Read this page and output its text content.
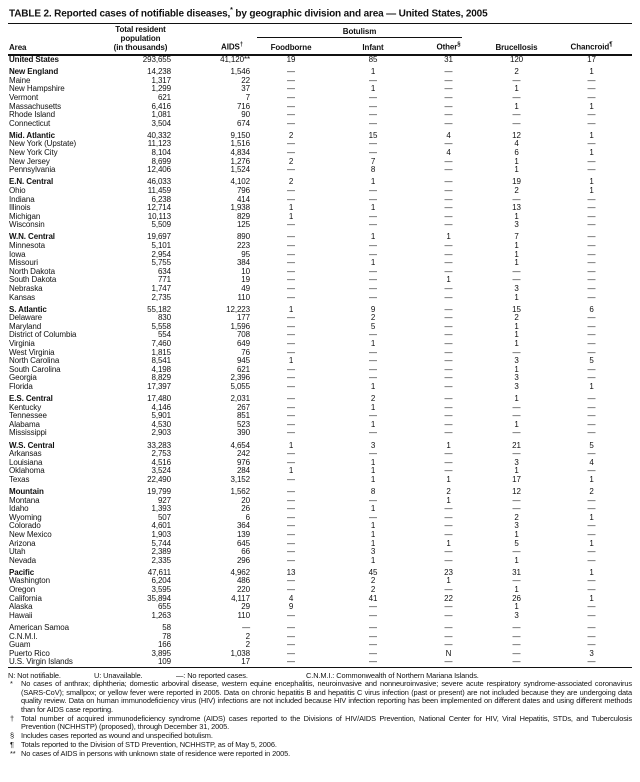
TABLE 2. Reported cases of notifiable diseases,* by geographic division and area — United States, 2005
Area	Total resident
population
(in thousands)	AIDS†	Botulism			Brucellosis	Chancroid¶
			Foodborne	Infant	Other§
United States	293,655	41,120**	19	85	31	120	17
New England	14,238	1,546	—	1	—	2	1
Maine	1,317	22	—	—	—	—	—
New Hampshire	1,299	37	—	1	—	1	—
Vermont	621	7	—	—	—	—	—
Massachusetts	6,416	716	—	—	—	1	1
Rhode Island	1,081	90	—	—	—	—	—
Connecticut	3,504	674	—	—	—	—	—
Mid. Atlantic	40,332	9,150	2	15	4	12	1
New York (Upstate)	11,123	1,516	—	—	—	4	—
New York City	8,104	4,834	—	—	4	6	1
New Jersey	8,699	1,276	2	7	—	1	—
Pennsylvania	12,406	1,524	—	8	—	1	—
E.N. Central	46,033	4,102	2	1	—	19	1
Ohio	11,459	796	—	—	—	2	1
Indiana	6,238	414	—	—	—	—	—
Illinois	12,714	1,938	1	1	—	13	—
Michigan	10,113	829	1	—	—	1	—
Wisconsin	5,509	125	—	—	—	3	—
W.N. Central	19,697	890	—	1	1	7	—
Minnesota	5,101	223	—	—	—	1	—
Iowa	2,954	95	—	—	—	1	—
Missouri	5,755	384	—	1	—	1	—
North Dakota	634	10	—	—	—	—	—
South Dakota	771	19	—	—	1	—	—
Nebraska	1,747	49	—	—	—	3	—
Kansas	2,735	110	—	—	—	1	—
S. Atlantic	55,182	12,223	1	9	—	15	6
Delaware	830	177	—	2	—	2	—
Maryland	5,558	1,596	—	5	—	1	—
District of Columbia	554	708	—	—	—	1	—
Virginia	7,460	649	—	1	—	1	—
West Virginia	1,815	76	—	—	—	—	—
North Carolina	8,541	945	1	—	—	3	5
South Carolina	4,198	621	—	—	—	1	—
Georgia	8,829	2,396	—	—	—	3	—
Florida	17,397	5,055	—	1	—	3	1
E.S. Central	17,480	2,031	—	2	—	1	—
Kentucky	4,146	267	—	1	—	—	—
Tennessee	5,901	851	—	—	—	—	—
Alabama	4,530	523	—	1	—	1	—
Mississippi	2,903	390	—	—	—	—	—
W.S. Central	33,283	4,654	1	3	1	21	5
Arkansas	2,753	242	—	—	—	—	—
Louisiana	4,516	976	—	1	—	3	4
Oklahoma	3,524	284	1	1	—	1	—
Texas	22,490	3,152	—	1	1	17	1
Mountain	19,799	1,562	—	8	2	12	2
Montana	927	20	—	—	1	—	—
Idaho	1,393	26	—	1	—	—	—
Wyoming	507	6	—	—	—	2	1
Colorado	4,601	364	—	1	—	3	—
New Mexico	1,903	139	—	1	—	1	—
Arizona	5,744	645	—	1	1	5	1
Utah	2,389	66	—	3	—	—	—
Nevada	2,335	296	—	1	—	1	—
Pacific	47,611	4,962	13	45	23	31	1
Washington	6,204	486	—	2	1	—	—
Oregon	3,595	220	—	2	—	1	—
California	35,894	4,117	4	41	22	26	1
Alaska	655	29	9	—	—	1	—
Hawaii	1,263	110	—	—	—	3	—
American Samoa	58	—	—	—	—	—	—
C.N.M.I.	78	2	—	—	—	—	—
Guam	166	2	—	—	—	—	—
Puerto Rico	3,895	1,038	—	—	N	—	3
U.S. Virgin Islands	109	17	—	—	—	—	—
N: Not notifiable.	U: Unavailable.	—: No reported cases.	C.N.M.I.: Commonwealth of Northern Mariana Islands.
*	No cases of anthrax; diphtheria; domestic arboviral disease, western equine encephalitis, neuroinvasive and nonneuroinvasive; severe acute respiratory syndrome-associated coronavirus (SARS-CoV); smallpox; or yellow fever were reported in 2005. Data on chronic hepatitis B and hepatitis C virus infection (past or present) are not included because they are undergoing data quality review. Data on human immunodeficiency virus (HIV) infections are not included because HIV infection reporting has been implemented on different dates and using different methods than for AIDS case reporting.
† Total number of acquired immunodeficiency syndrome (AIDS) cases reported to the Divisions of HIV/AIDS Prevention, National Center for HIV, Viral Hepatitis, STDs, and Tuberculosis Prevention (NCHHSTP) (proposed), through December 31, 2005.
§ Includes cases reported as wound and unspecified botulism.
¶ Totals reported to the Division of STD Prevention, NCHHSTP, as of May 5, 2006.
** No cases of AIDS in persons with unknown state of residence were reported in 2005.
